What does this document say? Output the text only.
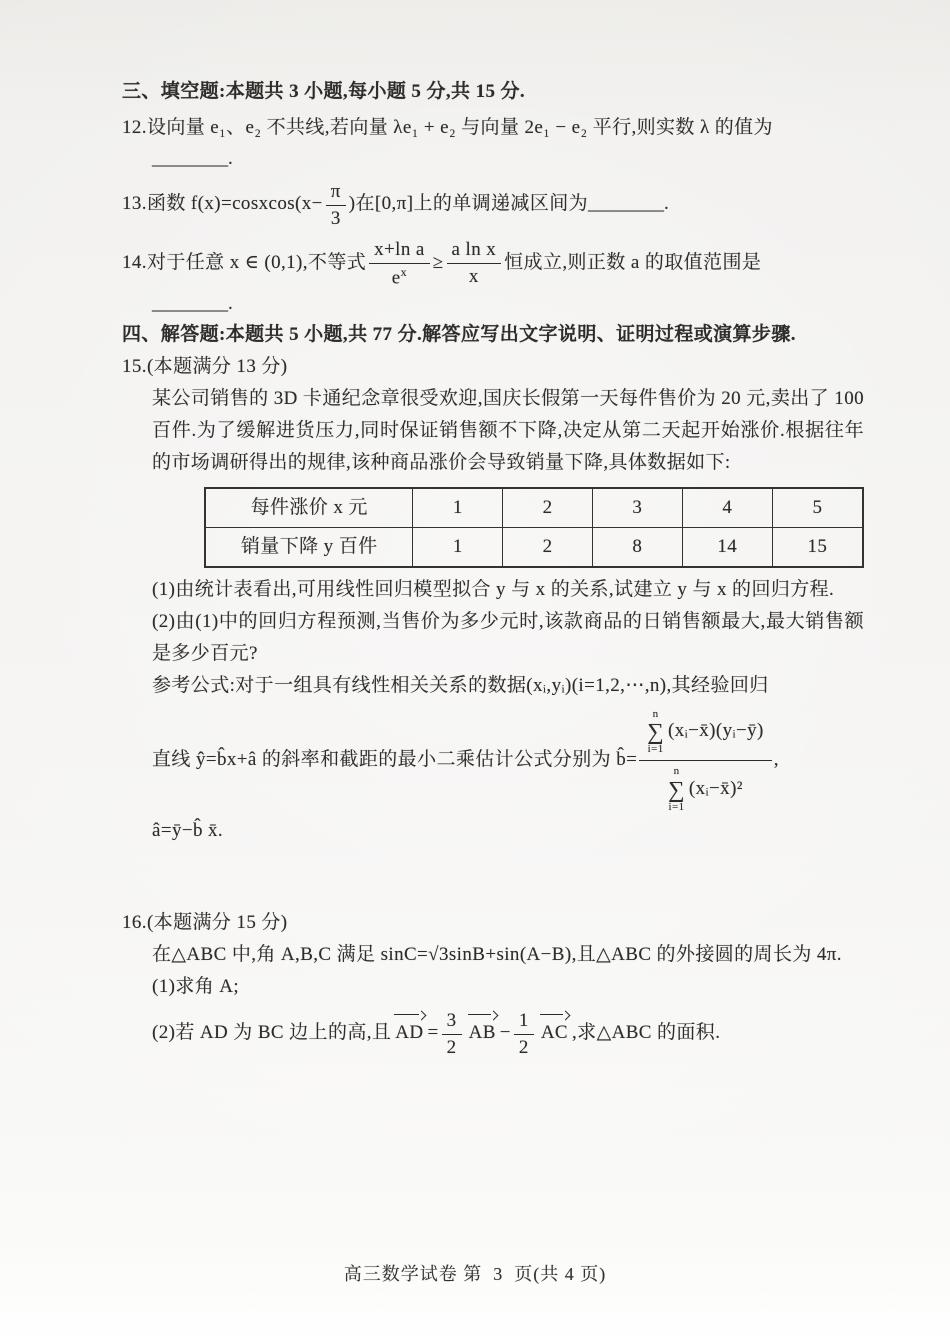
三、填空题:本题共 3 小题,每小题 5 分,共 15 分.

12.设向量 e₁、e₂ 不共线,若向量 λe₁ + e₂ 与向量 2e₁ − e₂ 平行,则实数 λ 的值为

________.

13.函数 f(x)=cosxcos(x− $\frac{\pi}{3}$ )在[0,π]上的单调递减区间为________.

14.对于任意 x ∈ (0,1),不等式 $\frac{\text{x+ln a}}{e^x} \ge \frac{\text{a ln x}}{x}$ 恒成立,则正数 a 的取值范围是

________.

四、解答题:本题共 5 小题,共 77 分.解答应写出文字说明、证明过程或演算步骤.

15.(本题满分 13 分)

某公司销售的 3D 卡通纪念章很受欢迎,国庆长假第一天每件售价为 20 元,卖出了 100 百件.为了缓解进货压力,同时保证销售额不下降,决定从第二天起开始涨价.根据往年的市场调研得出的规律,该种商品涨价会导致销量下降,具体数据如下:

每件涨价 x 元	1	2	3	4	5
销量下降 y 百件	1	2	8	14	15

(1)由统计表看出,可用线性回归模型拟合 y 与 x 的关系,试建立 y 与 x 的回归方程.

(2)由(1)中的回归方程预测,当售价为多少元时,该款商品的日销售额最大,最大销售额是多少百元?

参考公式:对于一组具有线性相关关系的数据(xᵢ,yᵢ)(i=1,2,⋯,n),其经验回归

直线 ŷ=b̂x+â 的斜率和截距的最小二乘估计公式分别为 b̂= n
∑
i=1
(xᵢ−x̄)(yᵢ−ȳ)
n
∑
i=1
(xᵢ−x̄)² ,

â=ȳ−b̂ x̄.

16.(本题满分 15 分)

在△ABC 中,角 A,B,C 满足 sinC=√3sinB+sin(A−B),且△ABC 的外接圆的周长为 4π.

(1)求角 A;

(2)若 AD 为 BC 边上的高,且 AD = $\frac{3}{2}$ AB − $\frac{1}{2}$ AC ,求△ABC 的面积.

高三数学试卷 第  3  页(共 4 页)
